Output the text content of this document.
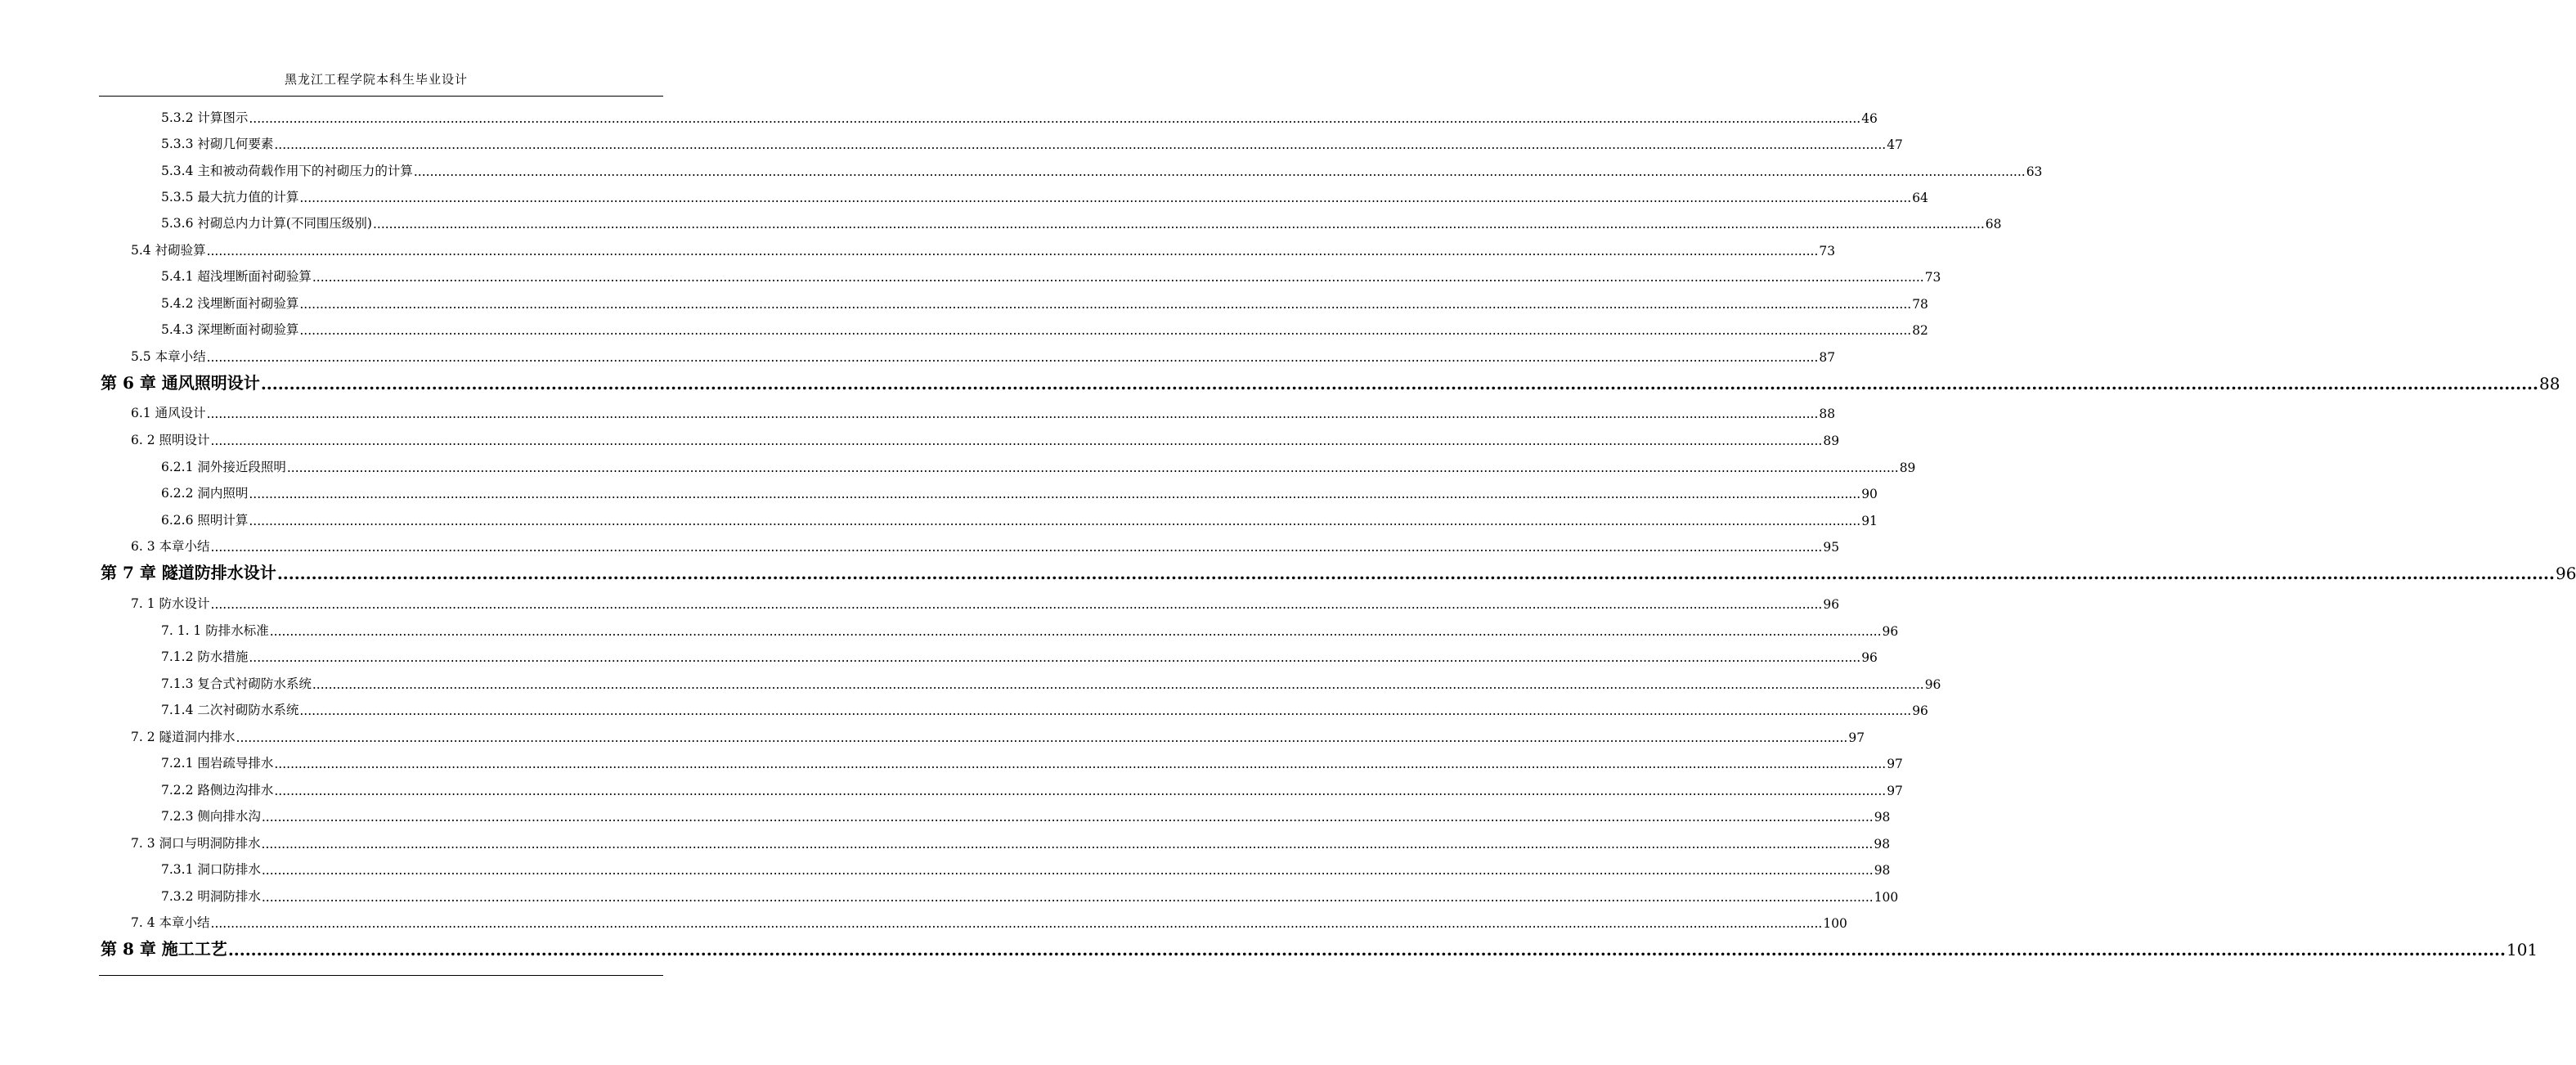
黑龙江工程学院本科生毕业设计
5.3.2 计算图示 ................................................................................................................................................................................................................................................................................................................................................................................................................ 46
5.3.3 衬砌几何要素 ................................................................................................................................................................................................................................................................................................................................................................................................................ 47
5.3.4 主和被动荷载作用下的衬砌压力的计算 ................................................................................................................................................................................................................................................................................................................................................................................................................ 63
5.3.5 最大抗力值的计算 ................................................................................................................................................................................................................................................................................................................................................................................................................ 64
5.3.6 衬砌总内力计算(不同围压级别) ................................................................................................................................................................................................................................................................................................................................................................................................................ 68
5.4 衬砌验算 ................................................................................................................................................................................................................................................................................................................................................................................................................ 73
5.4.1 超浅埋断面衬砌验算 ................................................................................................................................................................................................................................................................................................................................................................................................................ 73
5.4.2 浅埋断面衬砌验算 ................................................................................................................................................................................................................................................................................................................................................................................................................ 78
5.4.3 深埋断面衬砌验算 ................................................................................................................................................................................................................................................................................................................................................................................................................ 82
5.5 本章小结 ................................................................................................................................................................................................................................................................................................................................................................................................................ 87
第 6 章 通风照明设计 ................................................................................................................................................................................................................................................................................................................................................................................................................ 88
6.1 通风设计 ................................................................................................................................................................................................................................................................................................................................................................................................................ 88
6. 2 照明设计 ................................................................................................................................................................................................................................................................................................................................................................................................................ 89
6.2.1 洞外接近段照明 ................................................................................................................................................................................................................................................................................................................................................................................................................ 89
6.2.2 洞内照明 ................................................................................................................................................................................................................................................................................................................................................................................................................ 90
6.2.6 照明计算 ................................................................................................................................................................................................................................................................................................................................................................................................................ 91
6. 3 本章小结 ................................................................................................................................................................................................................................................................................................................................................................................................................ 95
第 7 章 隧道防排水设计 ................................................................................................................................................................................................................................................................................................................................................................................................................ 96
7. 1 防水设计 ................................................................................................................................................................................................................................................................................................................................................................................................................ 96
7. 1. 1 防排水标准 ................................................................................................................................................................................................................................................................................................................................................................................................................ 96
7.1.2 防水措施 ................................................................................................................................................................................................................................................................................................................................................................................................................ 96
7.1.3 复合式衬砌防水系统 ................................................................................................................................................................................................................................................................................................................................................................................................................ 96
7.1.4 二次衬砌防水系统 ................................................................................................................................................................................................................................................................................................................................................................................................................ 96
7. 2 隧道洞内排水 ................................................................................................................................................................................................................................................................................................................................................................................................................ 97
7.2.1 围岩疏导排水 ................................................................................................................................................................................................................................................................................................................................................................................................................ 97
7.2.2 路侧边沟排水 ................................................................................................................................................................................................................................................................................................................................................................................................................ 97
7.2.3 侧向排水沟 ................................................................................................................................................................................................................................................................................................................................................................................................................ 98
7. 3 洞口与明洞防排水 ................................................................................................................................................................................................................................................................................................................................................................................................................ 98
7.3.1 洞口防排水 ................................................................................................................................................................................................................................................................................................................................................................................................................ 98
7.3.2 明洞防排水 ................................................................................................................................................................................................................................................................................................................................................................................................................ 100
7. 4 本章小结 ................................................................................................................................................................................................................................................................................................................................................................................................................ 100
第 8 章 施工工艺 ................................................................................................................................................................................................................................................................................................................................................................................................................ 101
